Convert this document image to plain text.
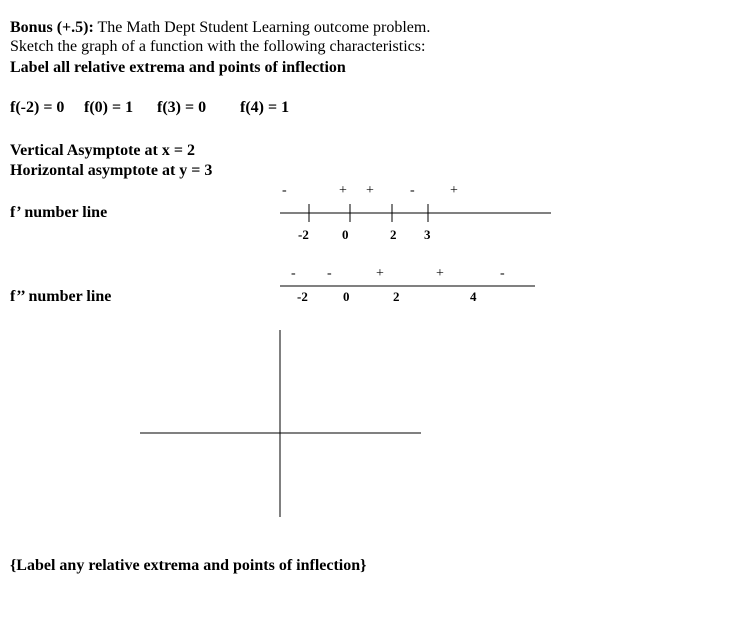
Bonus (+.5): The Math Dept Student Learning outcome problem.
Sketch the graph of a function with the following characteristics:
Label all relative extrema and points of inflection
f(-2) = 0 f(0) = 1 f(3) = 0 f(4) = 1
Vertical Asymptote at x = 2
Horizontal asymptote at y = 3
f’ number line
f’’ number line
-	+ +	-	+
-2	0	2 3
- -	+	+	-
-2	0	2	4
{Label any relative extrema and points of inflection}
